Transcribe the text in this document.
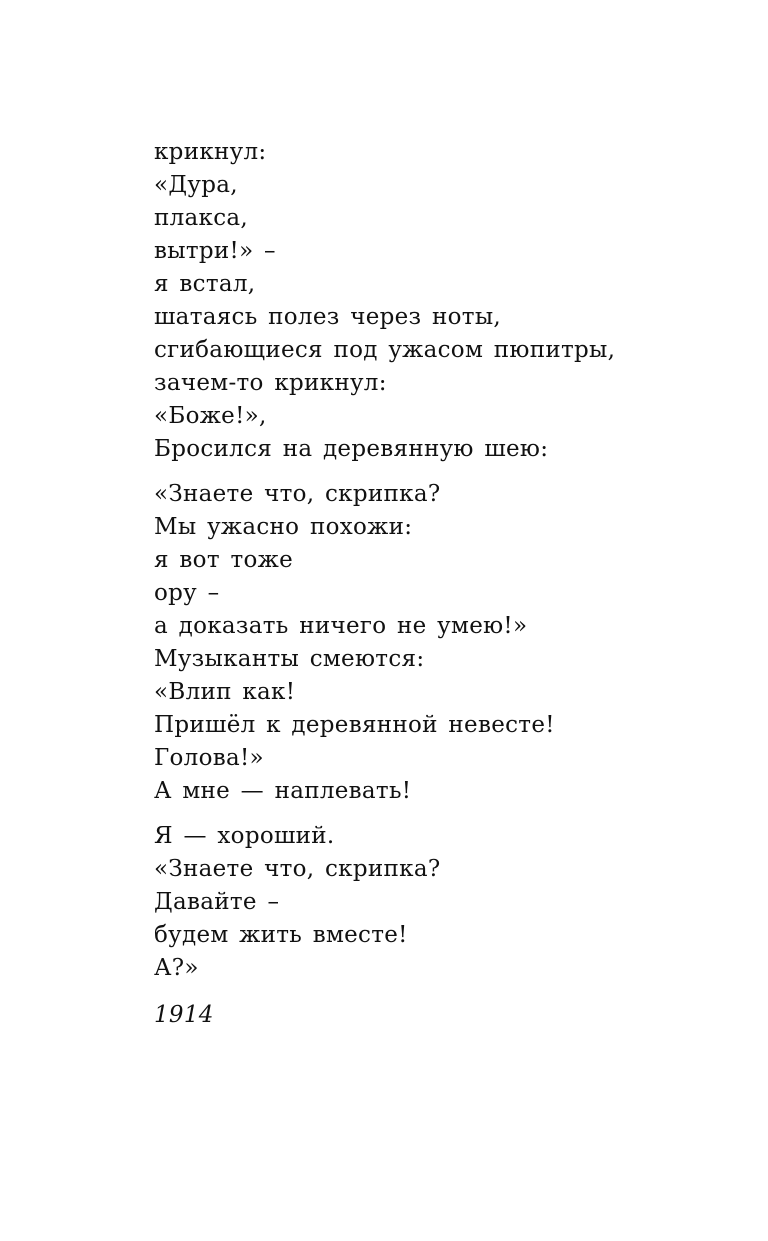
крикнул:
«Дура,
плакса,
вытри!» –
я встал,
шатаясь полез через ноты,
сгибающиеся под ужасом пюпитры,
зачем-то крикнул:
«Боже!»,
Бросился на деревянную шею:
«Знаете что, скрипка?
Мы ужасно похожи:
я вот тоже
ору –
а доказать ничего не умею!»
Музыканты смеются:
«Влип как!
Пришёл к деревянной невесте!
Голова!»
А мне — наплевать!
Я — хороший.
«Знаете что, скрипка?
Давайте –
будем жить вместе!
А?»
1914
